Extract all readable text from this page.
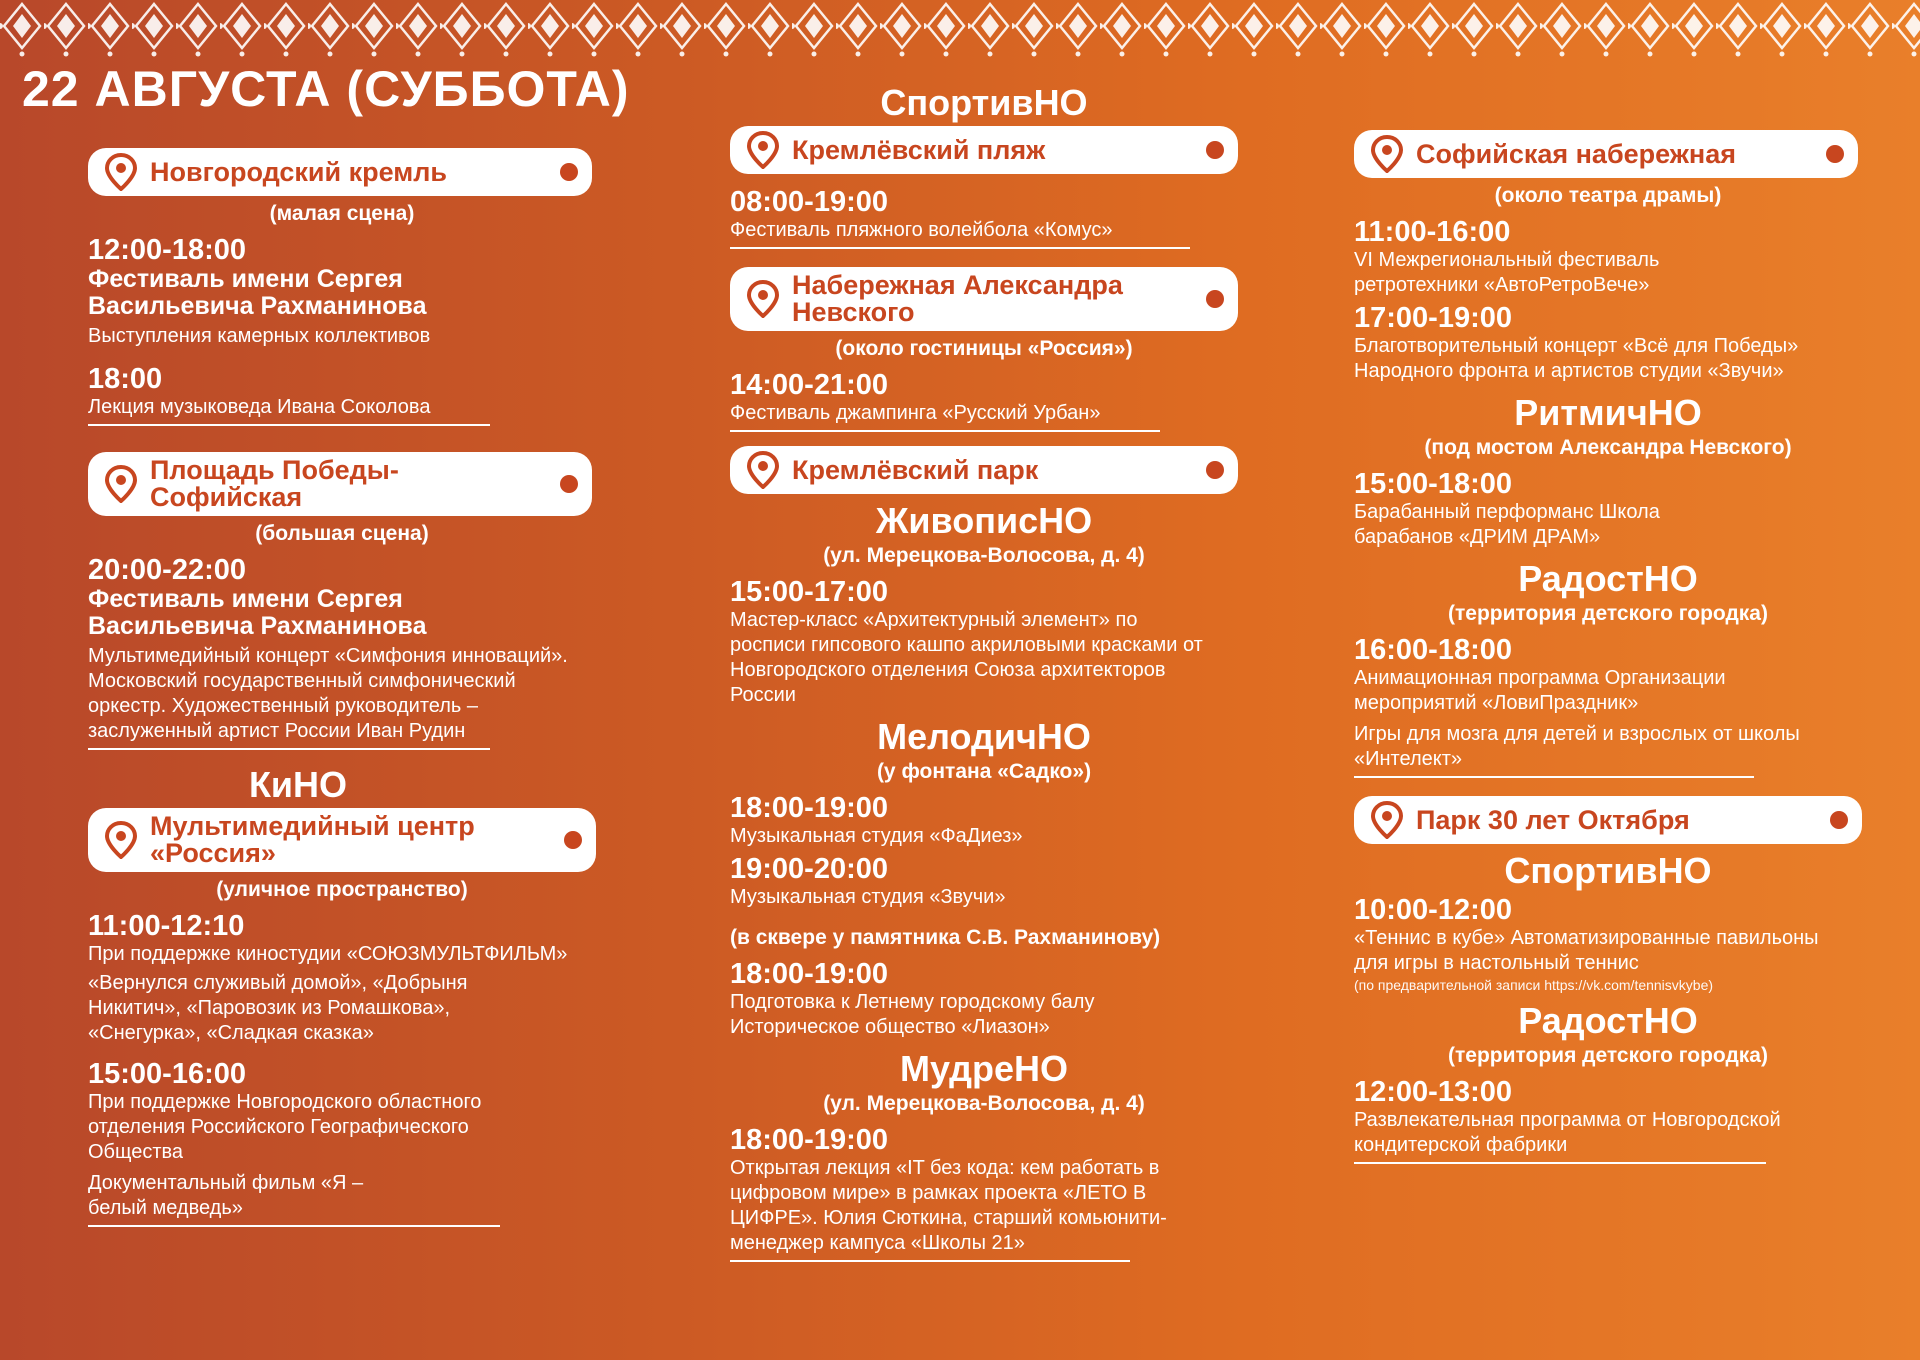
22 АВГУСТА (СУББОТА)
Новгородский кремль
(малая сцена)
12:00-18:00
Фестиваль имени Сергея Васильевича Рахманинова
Выступления камерных коллективов
18:00
Лекция музыковеда Ивана Соколова
Площадь Победы-Софийская
(большая сцена)
20:00-22:00
Фестиваль имени Сергея Васильевича Рахманинова
Мультимедийный концерт «Симфония инноваций». Московский государственный симфонический оркестр. Художественный руководитель – заслуженный артист России Иван Рудин
КиНО
Мультимедийный центр «Россия»
(уличное пространство)
11:00-12:10
При поддержке киностудии «СОЮЗМУЛЬТФИЛЬМ»
«Вернулся служивый домой», «Добрыня Никитич», «Паровозик из Ромашкова», «Снегурка», «Сладкая сказка»
15:00-16:00
При поддержке Новгородского областного отделения Российского Географического Общества
Документальный фильм «Я – белый медведь»
СпортивНО
Кремлёвский пляж
08:00-19:00
Фестиваль пляжного волейбола «Комус»
Набережная Александра Невского
(около гостиницы «Россия»)
14:00-21:00
Фестиваль джампинга «Русский Урбан»
Кремлёвский парк
ЖивописНО
(ул. Мерецкова-Волосова, д. 4)
15:00-17:00
Мастер-класс «Архитектурный элемент» по росписи гипсового кашпо акриловыми красками от Новгородского отделения Союза архитекторов России
МелодичНО
(у фонтана «Садко»)
18:00-19:00
Музыкальная студия «ФаДиез»
19:00-20:00
Музыкальная студия «Звучи»
(в сквере у памятника С.В. Рахманинову)
18:00-19:00
Подготовка к Летнему городскому балу Историческое общество «Лиазон»
МудреНО
(ул. Мерецкова-Волосова, д. 4)
18:00-19:00
Открытая лекция «IT без кода: кем работать в цифровом мире» в рамках проекта «ЛЕТО В ЦИФРЕ». Юлия Сюткина, старший комьюнити-менеджер кампуса «Школы 21»
Софийская набережная
(около театра драмы)
11:00-16:00
VI Межрегиональный фестиваль ретротехники «АвтоРетроВече»
17:00-19:00
Благотворительный концерт «Всё для Победы» Народного фронта и артистов студии «Звучи»
РитмичНО
(под мостом Александра Невского)
15:00-18:00
Барабанный перформанс Школа барабанов «ДРИМ ДРАМ»
РадостНО
(территория детского городка)
16:00-18:00
Анимационная программа Организации мероприятий «ЛовиПраздник»
Игры для мозга для детей и взрослых от школы «Интелект»
Парк 30 лет Октября
СпортивНО
10:00-12:00
«Теннис в кубе» Автоматизированные павильоны для игры в настольный теннис
(по предварительной записи https://vk.com/tennisvkybe)
РадостНО
(территория детского городка)
12:00-13:00
Развлекательная программа от Новгородской кондитерской фабрики
